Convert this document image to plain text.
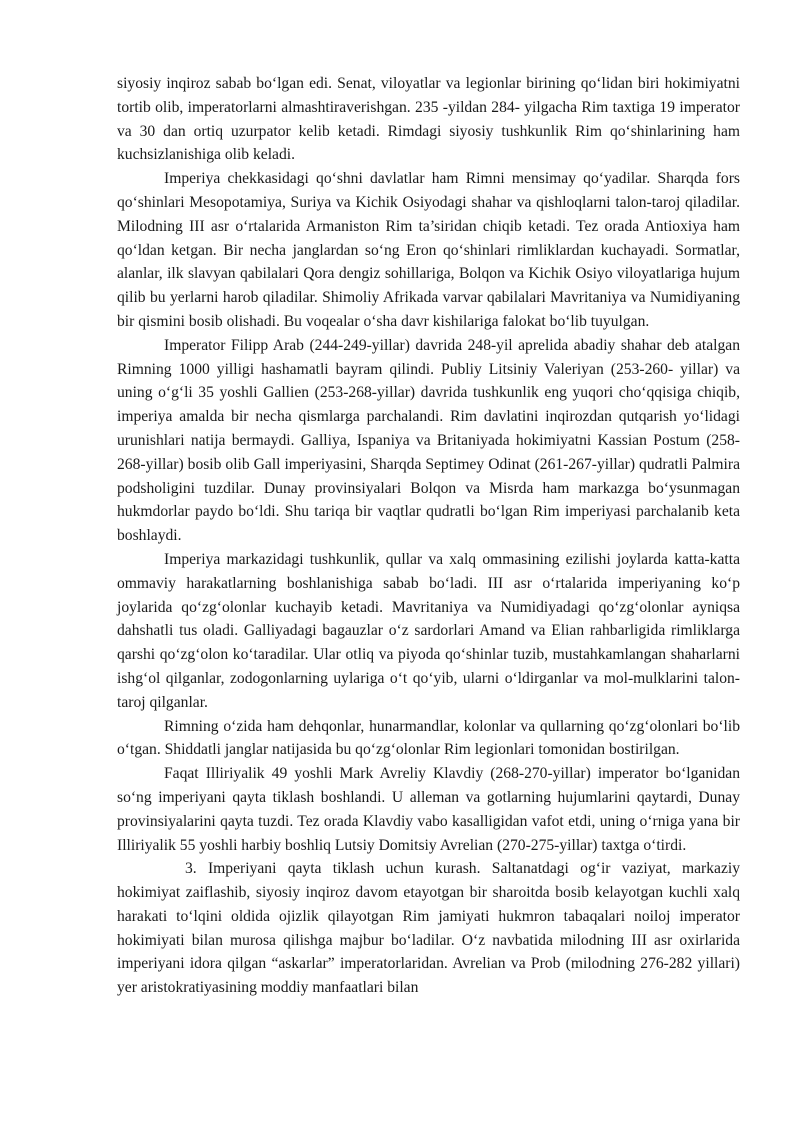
siyosiy inqiroz sabab bo‘lgan edi. Senat, viloyatlar va legionlar birining qo‘lidan biri hokimiyatni tortib olib, imperatorlarni almashtiraverishgan. 235 -yildan 284- yilgacha Rim taxtiga 19 imperator va 30 dan ortiq uzurpator kelib ketadi. Rimdagi siyosiy tushkunlik Rim qo‘shinlarining ham kuchsizlanishiga olib keladi.

Imperiya chekkasidagi qo‘shni davlatlar ham Rimni mensimay qo‘yadilar. Sharqda fors qo‘shinlari Mesopotamiya, Suriya va Kichik Osiyodagi shahar va qishloqlarni talon-taroj qiladilar. Milodning III asr o‘rtalarida Armaniston Rim ta’siridan chiqib ketadi. Tez orada Antioxiya ham qo‘ldan ketgan. Bir necha janglardan so‘ng Eron qo‘shinlari rimliklardan kuchayadi. Sormatlar, alanlar, ilk slavyan qabilalari Qora dengiz sohillariga, Bolqon va Kichik Osiyo viloyatlariga hujum qilib bu yerlarni harob qiladilar. Shimoliy Afrikada varvar qabilalari Mavritaniya va Numidiyaning bir qismini bosib olishadi. Bu voqealar o‘sha davr kishilariga falokat bo‘lib tuyulgan.

Imperator Filipp Arab (244-249-yillar) davrida 248-yil aprelida abadiy shahar deb atalgan Rimning 1000 yilligi hashamatli bayram qilindi. Publiy Litsiniy Valeriyan (253-260- yillar) va uning o‘g‘li 35 yoshli Gallien (253-268-yillar) davrida tushkunlik eng yuqori cho‘qqisiga chiqib, imperiya amalda bir necha qismlarga parchalandi. Rim davlatini inqirozdan qutqarish yo‘lidagi urunishlari natija bermaydi. Galliya, Ispaniya va Britaniyada hokimiyatni Kassian Postum (258-268-yillar) bosib olib Gall imperiyasini, Sharqda Septimey Odinat (261-267-yillar) qudratli Palmira podsholigini tuzdilar. Dunay provinsiyalari Bolqon va Misrda ham markazga bo‘ysunmagan hukmdorlar paydo bo‘ldi. Shu tariqa bir vaqtlar qudratli bo‘lgan Rim imperiyasi parchalanib keta boshlaydi.

Imperiya markazidagi tushkunlik, qullar va xalq ommasining ezilishi joylarda katta-katta ommaviy harakatlarning boshlanishiga sabab bo‘ladi. III asr o‘rtalarida imperiyaning ko‘p joylarida qo‘zg‘olonlar kuchayib ketadi. Mavritaniya va Numidiyadagi qo‘zg‘olonlar ayniqsa dahshatli tus oladi. Galliyadagi bagauzlar o‘z sardorlari Amand va Elian rahbarligida rimliklarga qarshi qo‘zg‘olon ko‘taradilar. Ular otliq va piyoda qo‘shinlar tuzib, mustahkamlangan shaharlarni ishg‘ol qilganlar, zodogonlarning uylariga o‘t qo‘yib, ularni o‘ldirganlar va mol-mulklarini talon-taroj qilganlar.

Rimning o‘zida ham dehqonlar, hunarmandlar, kolonlar va qullarning qo‘zg‘olonlari bo‘lib o‘tgan. Shiddatli janglar natijasida bu qo‘zg‘olonlar Rim legionlari tomonidan bostirilgan.

Faqat Illiriyalik 49 yoshli Mark Avreliy Klavdiy (268-270-yillar) imperator bo‘lganidan so‘ng imperiyani qayta tiklash boshlandi. U alleman va gotlarning hujumlarini qaytardi, Dunay provinsiyalarini qayta tuzdi. Tez orada Klavdiy vabo kasalligidan vafot etdi, uning o‘rniga yana bir Illiriyalik 55 yoshli harbiy boshliq Lutsiy Domitsiy Avrelian (270-275-yillar) taxtga o‘tirdi.

3. Imperiyani qayta tiklash uchun kurash. Saltanatdagi og‘ir vaziyat, markaziy hokimiyat zaiflashib, siyosiy inqiroz davom etayotgan bir sharoitda bosib kelayotgan kuchli xalq harakati to‘lqini oldida ojizlik qilayotgan Rim jamiyati hukmron tabaqalari noiloj imperator hokimiyati bilan murosa qilishga majbur bo‘ladilar. O‘z navbatida milodning III asr oxirlarida imperiyani idora qilgan “askarlar” imperatorlaridan. Avrelian va Prob (milodning 276-282 yillari) yer aristokratiyasining moddiy manfaatlari bilan
